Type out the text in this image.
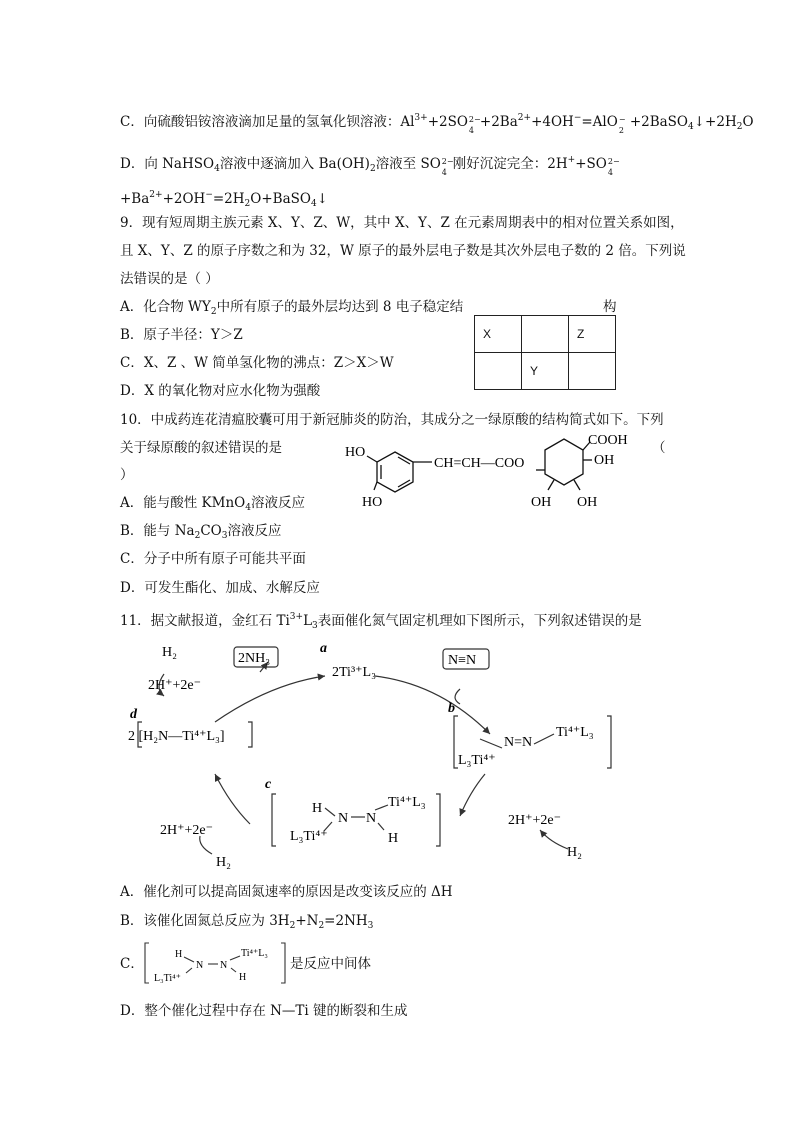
C．向硫酸铝铵溶液滴加足量的氢氧化钡溶液：$Al^{3+}+2SO$ 2−
$4 +2Ba^{2+}+4OH^-=AlO$ −
$2 +2BaSO_4↓+2H_2O$
D．向 NaHSO$_4$溶液中逐滴加入 $Ba(OH)_2$溶液至 SO 2−
4 刚好沉淀完全：2H++SO 2−
4
$+Ba^{2+}+2OH^-=2H_2O+BaSO_4↓$
9．现有短周期主族元素 X、Y、Z、W，其中 X、Y、Z 在元素周期表中的相对位置关系如图，
且 X、Y、Z 的原子序数之和为 32，W 原子的最外层电子数是其次外层电子数的 2 倍。下列说
法错误的是（ ）
A．化合物 $WY_2$中所有原子的最外层均达到 8 电子稳定结	构
B．原子半径：Y＞Z
C．X、Z 、W 简单氢化物的沸点：Z＞X＞W
D．X 的氧化物对应水化物为强酸
X		Z
	Y	
10．中成药连花清瘟胶囊可用于新冠肺炎的防治，其成分之一绿原酸的结构简式如下。下列
关于绿原酸的叙述错误的是	（
）
A．能与酸性 KMnO$_4$溶液反应
B．能与 $Na_2CO_3$溶液反应
C．分子中所有原子可能共平面
D．可发生酯化、加成、水解反应
HO
HO
CH=CH—COO
COOH
OH
OH OH
11．据文献报道，金红石 $Ti^{3+}L_3$表面催化氮气固定机理如下图所示，下列叙述错误的是
H₂
2H⁺+2e⁻
2NH₃
a
2Ti³⁺L₃
N≡N
b
d
2 [H₂N—Ti⁴⁺L₃]	Ti⁴⁺L₃
N=N
L₃Ti⁴⁺
c
H
N N
H
Ti⁴⁺L₃
L₃Ti⁴⁺
2H⁺+2e⁻
H₂
2H⁺+2e⁻
H₂
A．催化剂可以提高固氮速率的原因是改变该反应的 ΔH
B．该催化固氮总反应为 $3H_2+N_2=2NH_3$
C．
H
N N
H
Ti⁴⁺L₃
L₃Ti⁴⁺
是反应中间体
D．整个催化过程中存在 N—Ti 键的断裂和生成
